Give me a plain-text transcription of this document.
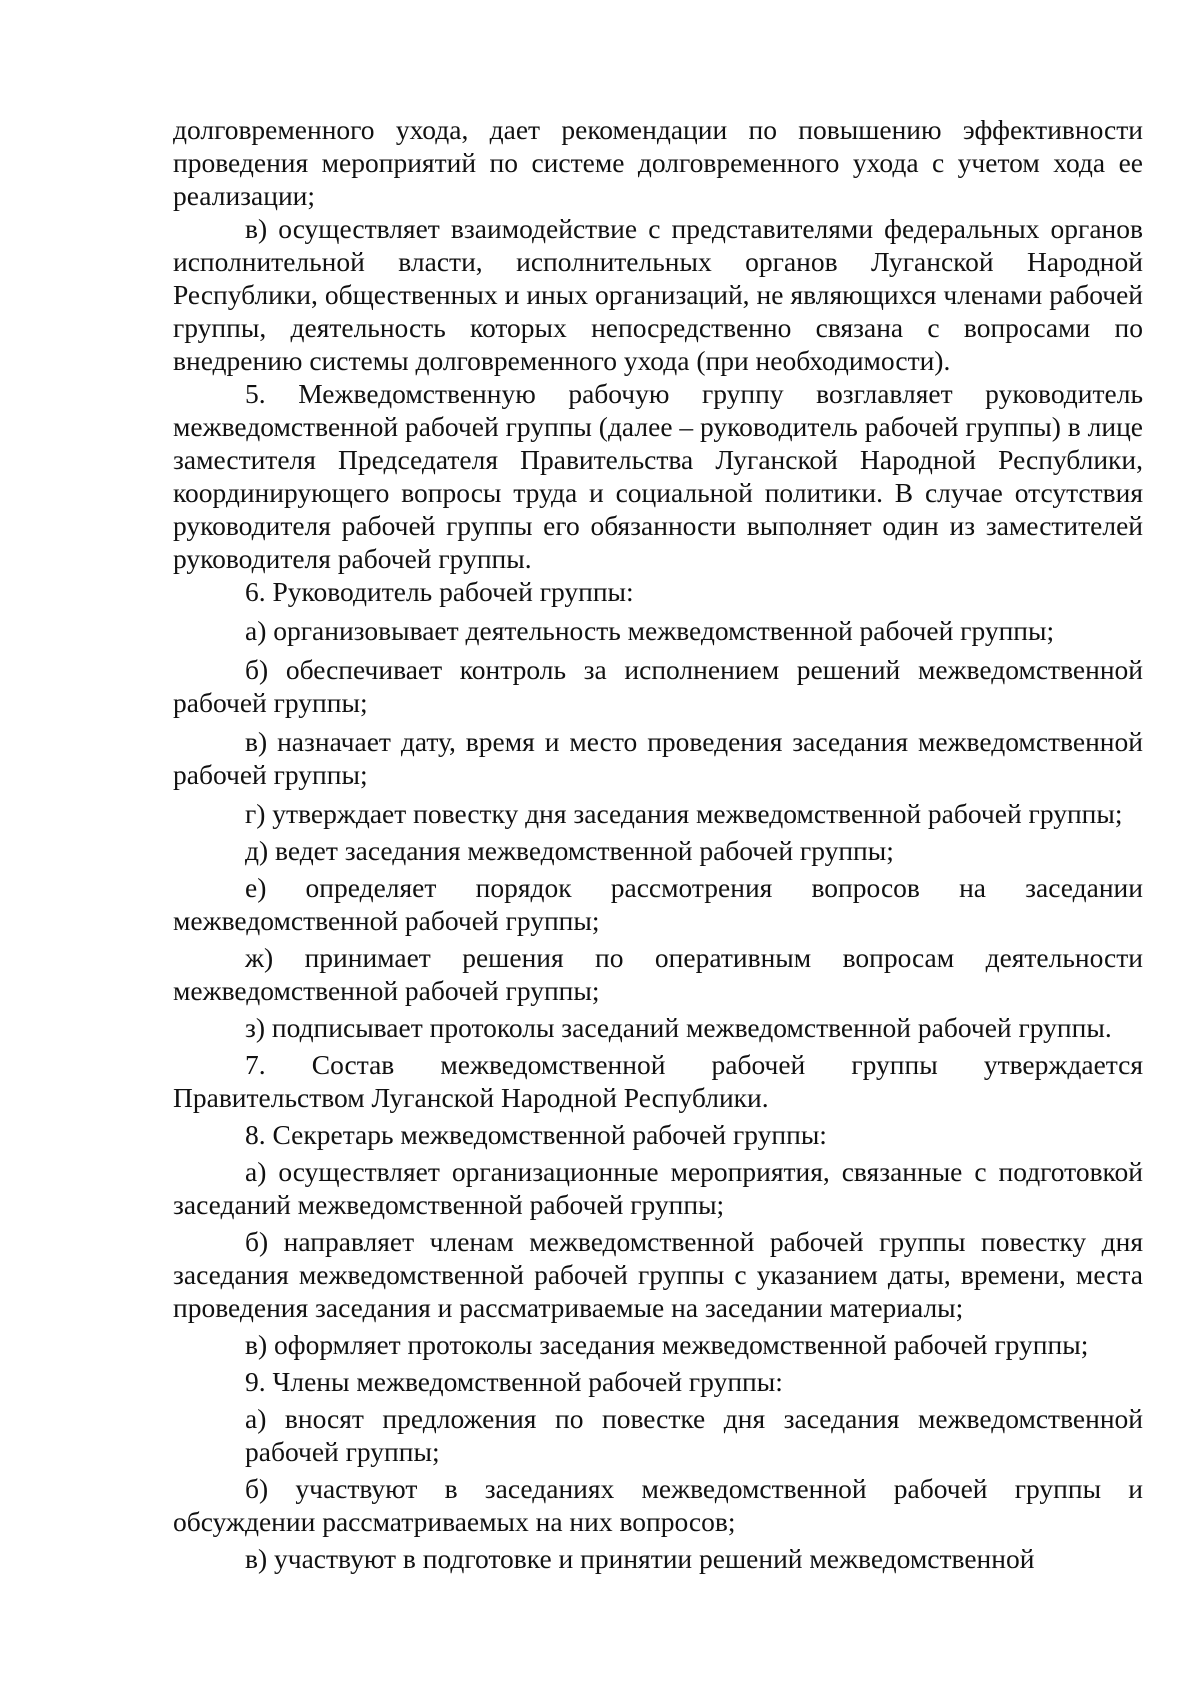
долговременного ухода, дает рекомендации по повышению эффективности проведения мероприятий по системе долговременного ухода с учетом хода ее реализации;

в) осуществляет взаимодействие с представителями федеральных органов исполнительной власти, исполнительных органов Луганской Народной Республики, общественных и иных организаций, не являющихся членами рабочей группы, деятельность которых непосредственно связана с вопросами по внедрению системы долговременного ухода (при необходимости).

5. Межведомственную рабочую группу возглавляет руководитель межведомственной рабочей группы (далее – руководитель рабочей группы) в лице заместителя Председателя Правительства Луганской Народной Республики, координирующего вопросы труда и социальной политики. В случае отсутствия руководителя рабочей группы его обязанности выполняет один из заместителей руководителя рабочей группы.

6. Руководитель рабочей группы:

а) организовывает деятельность межведомственной рабочей группы;

б) обеспечивает контроль за исполнением решений межведомственной рабочей группы;

в) назначает дату, время и место проведения заседания межведомственной рабочей группы;

г) утверждает повестку дня заседания межведомственной рабочей группы;

д) ведет заседания межведомственной рабочей группы;

е) определяет порядок рассмотрения вопросов на заседании межведомственной рабочей группы;

ж) принимает решения по оперативным вопросам деятельности межведомственной рабочей группы;

з) подписывает протоколы заседаний межведомственной рабочей группы.

7. Состав межведомственной рабочей группы утверждается Правительством Луганской Народной Республики.

8. Секретарь межведомственной рабочей группы:

а) осуществляет организационные мероприятия, связанные с подготовкой заседаний межведомственной рабочей группы;

б) направляет членам межведомственной рабочей группы повестку дня заседания межведомственной рабочей группы с указанием даты, времени, места проведения заседания и рассматриваемые на заседании материалы;

в) оформляет протоколы заседания межведомственной рабочей группы;

9. Члены межведомственной рабочей группы:

а) вносят предложения по повестке дня заседания межведомственной рабочей группы;

б) участвуют в заседаниях межведомственной рабочей группы и обсуждении рассматриваемых на них вопросов;

в) участвуют в подготовке и принятии решений межведомственной
